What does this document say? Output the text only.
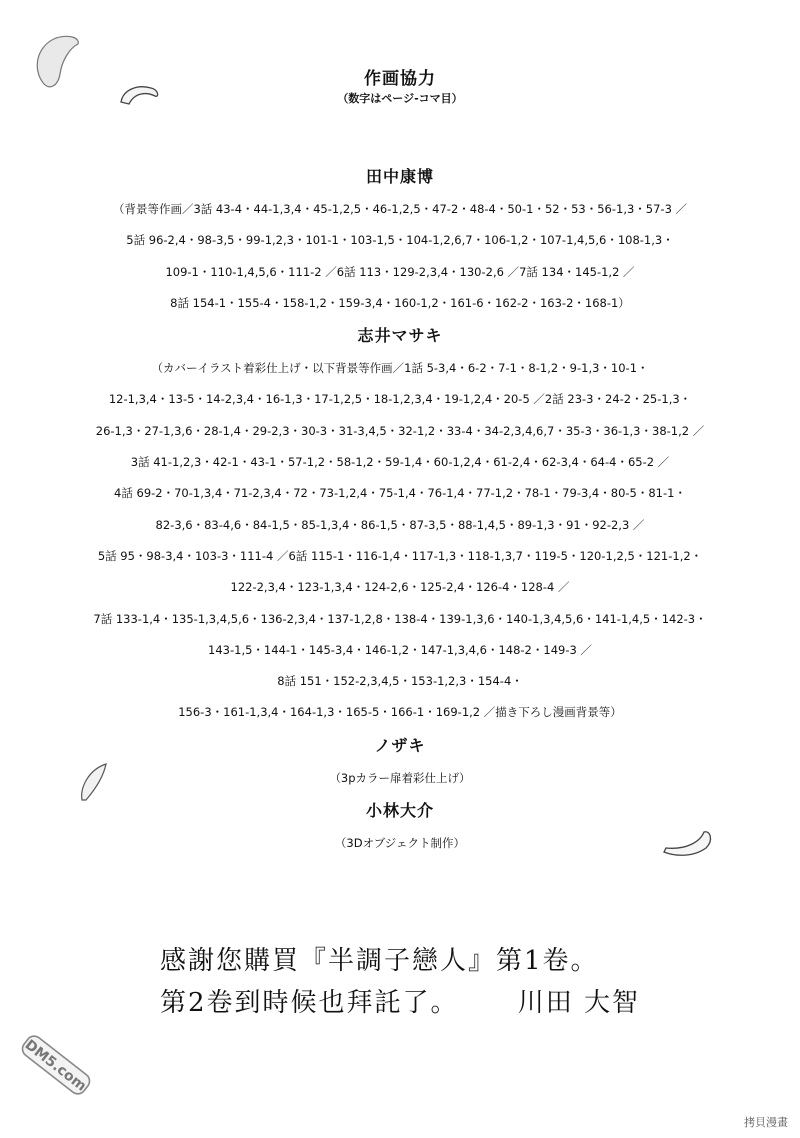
作画協力
（数字はページ-コマ目）

田中康博

（背景等作画／3話 43-4・44-1,3,4・45-1,2,5・46-1,2,5・47-2・48-4・50-1・52・53・56-1,3・57-3 ／

5話 96-2,4・98-3,5・99-1,2,3・101-1・103-1,5・104-1,2,6,7・106-1,2・107-1,4,5,6・108-1,3・

109-1・110-1,4,5,6・111-2 ／6話 113・129-2,3,4・130-2,6 ／7話 134・145-1,2 ／

8話 154-1・155-4・158-1,2・159-3,4・160-1,2・161-6・162-2・163-2・168-1）

志井マサキ

（カバーイラスト着彩仕上げ・以下背景等作画／1話 5-3,4・6-2・7-1・8-1,2・9-1,3・10-1・

12-1,3,4・13-5・14-2,3,4・16-1,3・17-1,2,5・18-1,2,3,4・19-1,2,4・20-5 ／2話 23-3・24-2・25-1,3・

26-1,3・27-1,3,6・28-1,4・29-2,3・30-3・31-3,4,5・32-1,2・33-4・34-2,3,4,6,7・35-3・36-1,3・38-1,2 ／

3話 41-1,2,3・42-1・43-1・57-1,2・58-1,2・59-1,4・60-1,2,4・61-2,4・62-3,4・64-4・65-2 ／

4話 69-2・70-1,3,4・71-2,3,4・72・73-1,2,4・75-1,4・76-1,4・77-1,2・78-1・79-3,4・80-5・81-1・

82-3,6・83-4,6・84-1,5・85-1,3,4・86-1,5・87-3,5・88-1,4,5・89-1,3・91・92-2,3 ／

5話 95・98-3,4・103-3・111-4 ／6話 115-1・116-1,4・117-1,3・118-1,3,7・119-5・120-1,2,5・121-1,2・

122-2,3,4・123-1,3,4・124-2,6・125-2,4・126-4・128-4 ／

7話 133-1,4・135-1,3,4,5,6・136-2,3,4・137-1,2,8・138-4・139-1,3,6・140-1,3,4,5,6・141-1,4,5・142-3・

143-1,5・144-1・145-3,4・146-1,2・147-1,3,4,6・148-2・149-3 ／

8話 151・152-2,3,4,5・153-1,2,3・154-4・

156-3・161-1,3,4・164-1,3・165-5・166-1・169-1,2 ／描き下ろし漫画背景等）

ノザキ

（3pカラー扉着彩仕上げ）

小林大介

（3Dオブジェクト制作）

感謝您購買『半調子戀人』第1卷。
第2卷到時候也拜託了。 川田 大智
DM5.com
拷貝漫畫
